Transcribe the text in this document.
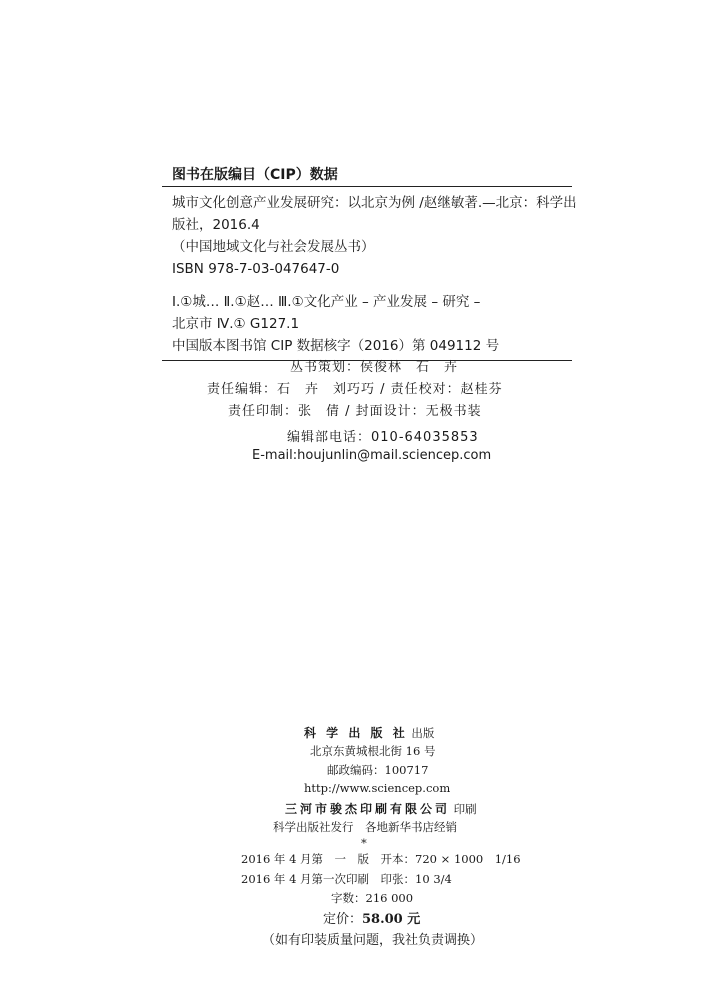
图书在版编目（CIP）数据
城市文化创意产业发展研究：以北京为例 /赵继敏著.—北京：科学出
版社，2016.4
（中国地域文化与社会发展丛书）
ISBN 978-7-03-047647-0
Ⅰ.①城… Ⅱ.①赵… Ⅲ.①文化产业 – 产业发展 – 研究 –
北京市 Ⅳ.① G127.1
中国版本图书馆 CIP 数据核字（2016）第 049112 号
丛书策划：侯俊林　石　卉
责任编辑：石　卉　刘巧巧 / 责任校对：赵桂芬
责任印制：张　倩 / 封面设计：无极书装
编辑部电话：010-64035853
E-mail:houjunlin@mail.sciencep.com
科 学 出 版 社 出版
北京东黄城根北街 16 号
邮政编码：100717
http://www.sciencep.com
三河市骏杰印刷有限公司 印刷
科学出版社发行　各地新华书店经销
*
2016 年 4 月第　一　版　开本：720 × 1000　1/16
2016 年 4 月第一次印刷　印张：10 3/4
字数：216 000
定价：58.00 元
（如有印装质量问题，我社负责调换）
